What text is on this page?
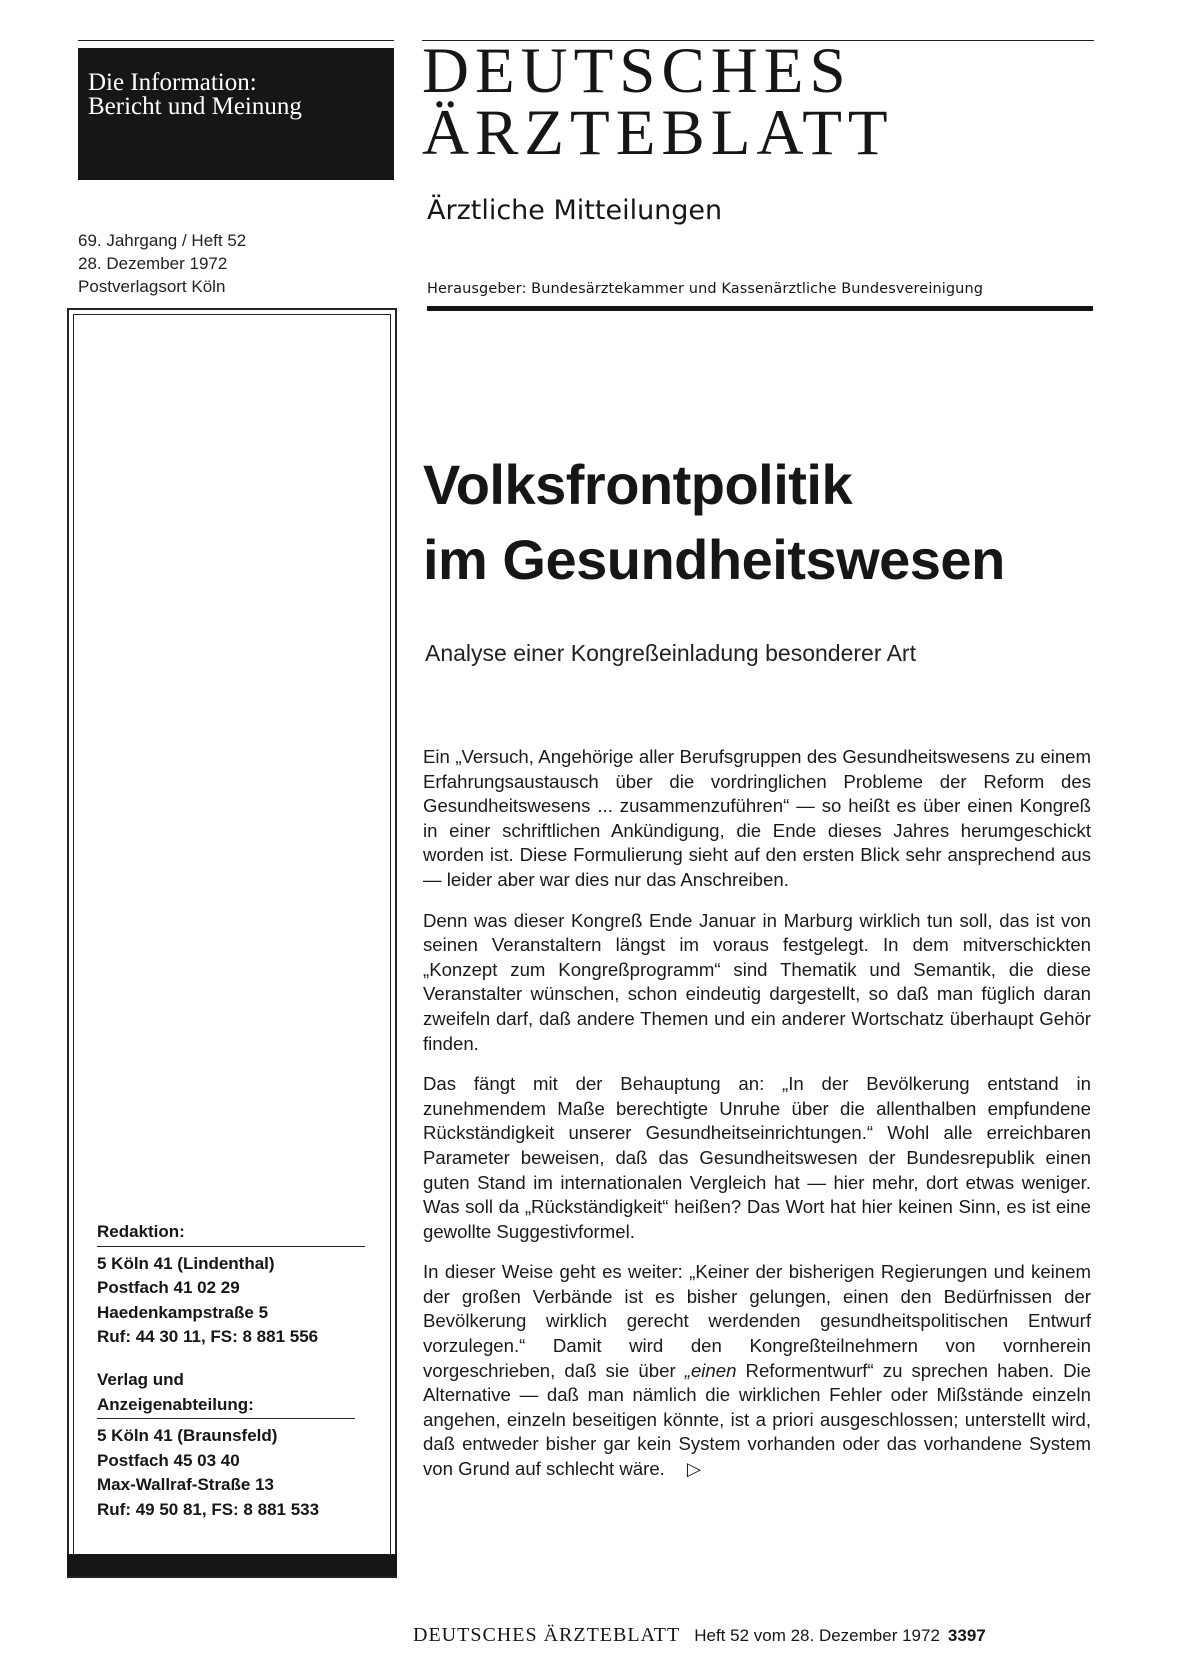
Die Information:
Bericht und Meinung	DEUTSCHES
ÄRZTEBLATT
Ärztliche Mitteilungen
69. Jahrgang / Heft 52
28. Dezember 1972
Postverlagsort Köln	Herausgeber: Bundesärztekammer und Kassenärztliche Bundesvereinigung
Redaktion:
5 Köln 41 (Lindenthal)
Postfach 41 02 29
Haedenkampstraße 5
Ruf: 44 30 11, FS: 8 881 556
Verlag und
Anzeigenabteilung:
5 Köln 41 (Braunsfeld)
Postfach 45 03 40
Max-Wallraf-Straße 13
Ruf: 49 50 81, FS: 8 881 533
Volksfrontpolitik
im Gesundheitswesen
Analyse einer Kongreßeinladung besonderer Art

Ein „Versuch, Angehörige aller Berufsgruppen des Gesundheitswesens zu einem Erfahrungsaustausch über die vordringlichen Probleme der Reform des Gesundheitswesens ... zusammenzuführen“ — so heißt es über einen Kongreß in einer schriftlichen Ankündigung, die Ende dieses Jahres herumgeschickt worden ist. Diese Formulierung sieht auf den ersten Blick sehr ansprechend aus — leider aber war dies nur das Anschreiben.

Denn was dieser Kongreß Ende Januar in Marburg wirklich tun soll, das ist von seinen Veranstaltern längst im voraus festgelegt. In dem mitverschickten „Konzept zum Kongreßprogramm“ sind Thematik und Semantik, die diese Veranstalter wünschen, schon eindeutig dargestellt, so daß man füglich daran zweifeln darf, daß andere Themen und ein anderer Wortschatz überhaupt Gehör finden.

Das fängt mit der Behauptung an: „In der Bevölkerung entstand in zunehmendem Maße berechtigte Unruhe über die allenthalben empfundene Rückständigkeit unserer Gesundheitseinrichtungen.“ Wohl alle erreichbaren Parameter beweisen, daß das Gesundheitswesen der Bundesrepublik einen guten Stand im internationalen Vergleich hat — hier mehr, dort etwas weniger. Was soll da „Rückständigkeit“ heißen? Das Wort hat hier keinen Sinn, es ist eine gewollte Suggestivformel.

In dieser Weise geht es weiter: „Keiner der bisherigen Regierungen und keinem der großen Verbände ist es bisher gelungen, einen den Bedürfnissen der Bevölkerung wirklich gerecht werdenden gesundheitspolitischen Entwurf vorzulegen.“ Damit wird den Kongreßteilnehmern von vornherein vorgeschrieben, daß sie über „einen Reformentwurf“ zu sprechen haben. Die Alternative — daß man nämlich die wirklichen Fehler oder Mißstände einzeln angehen, einzeln beseitigen könnte, ist a priori ausgeschlossen; unterstellt wird, daß entweder bisher gar kein System vorhanden oder das vorhandene System von Grund auf schlecht wäre. ▷

DEUTSCHES ÄRZTEBLATT Heft 52 vom 28. Dezember 1972 3397
